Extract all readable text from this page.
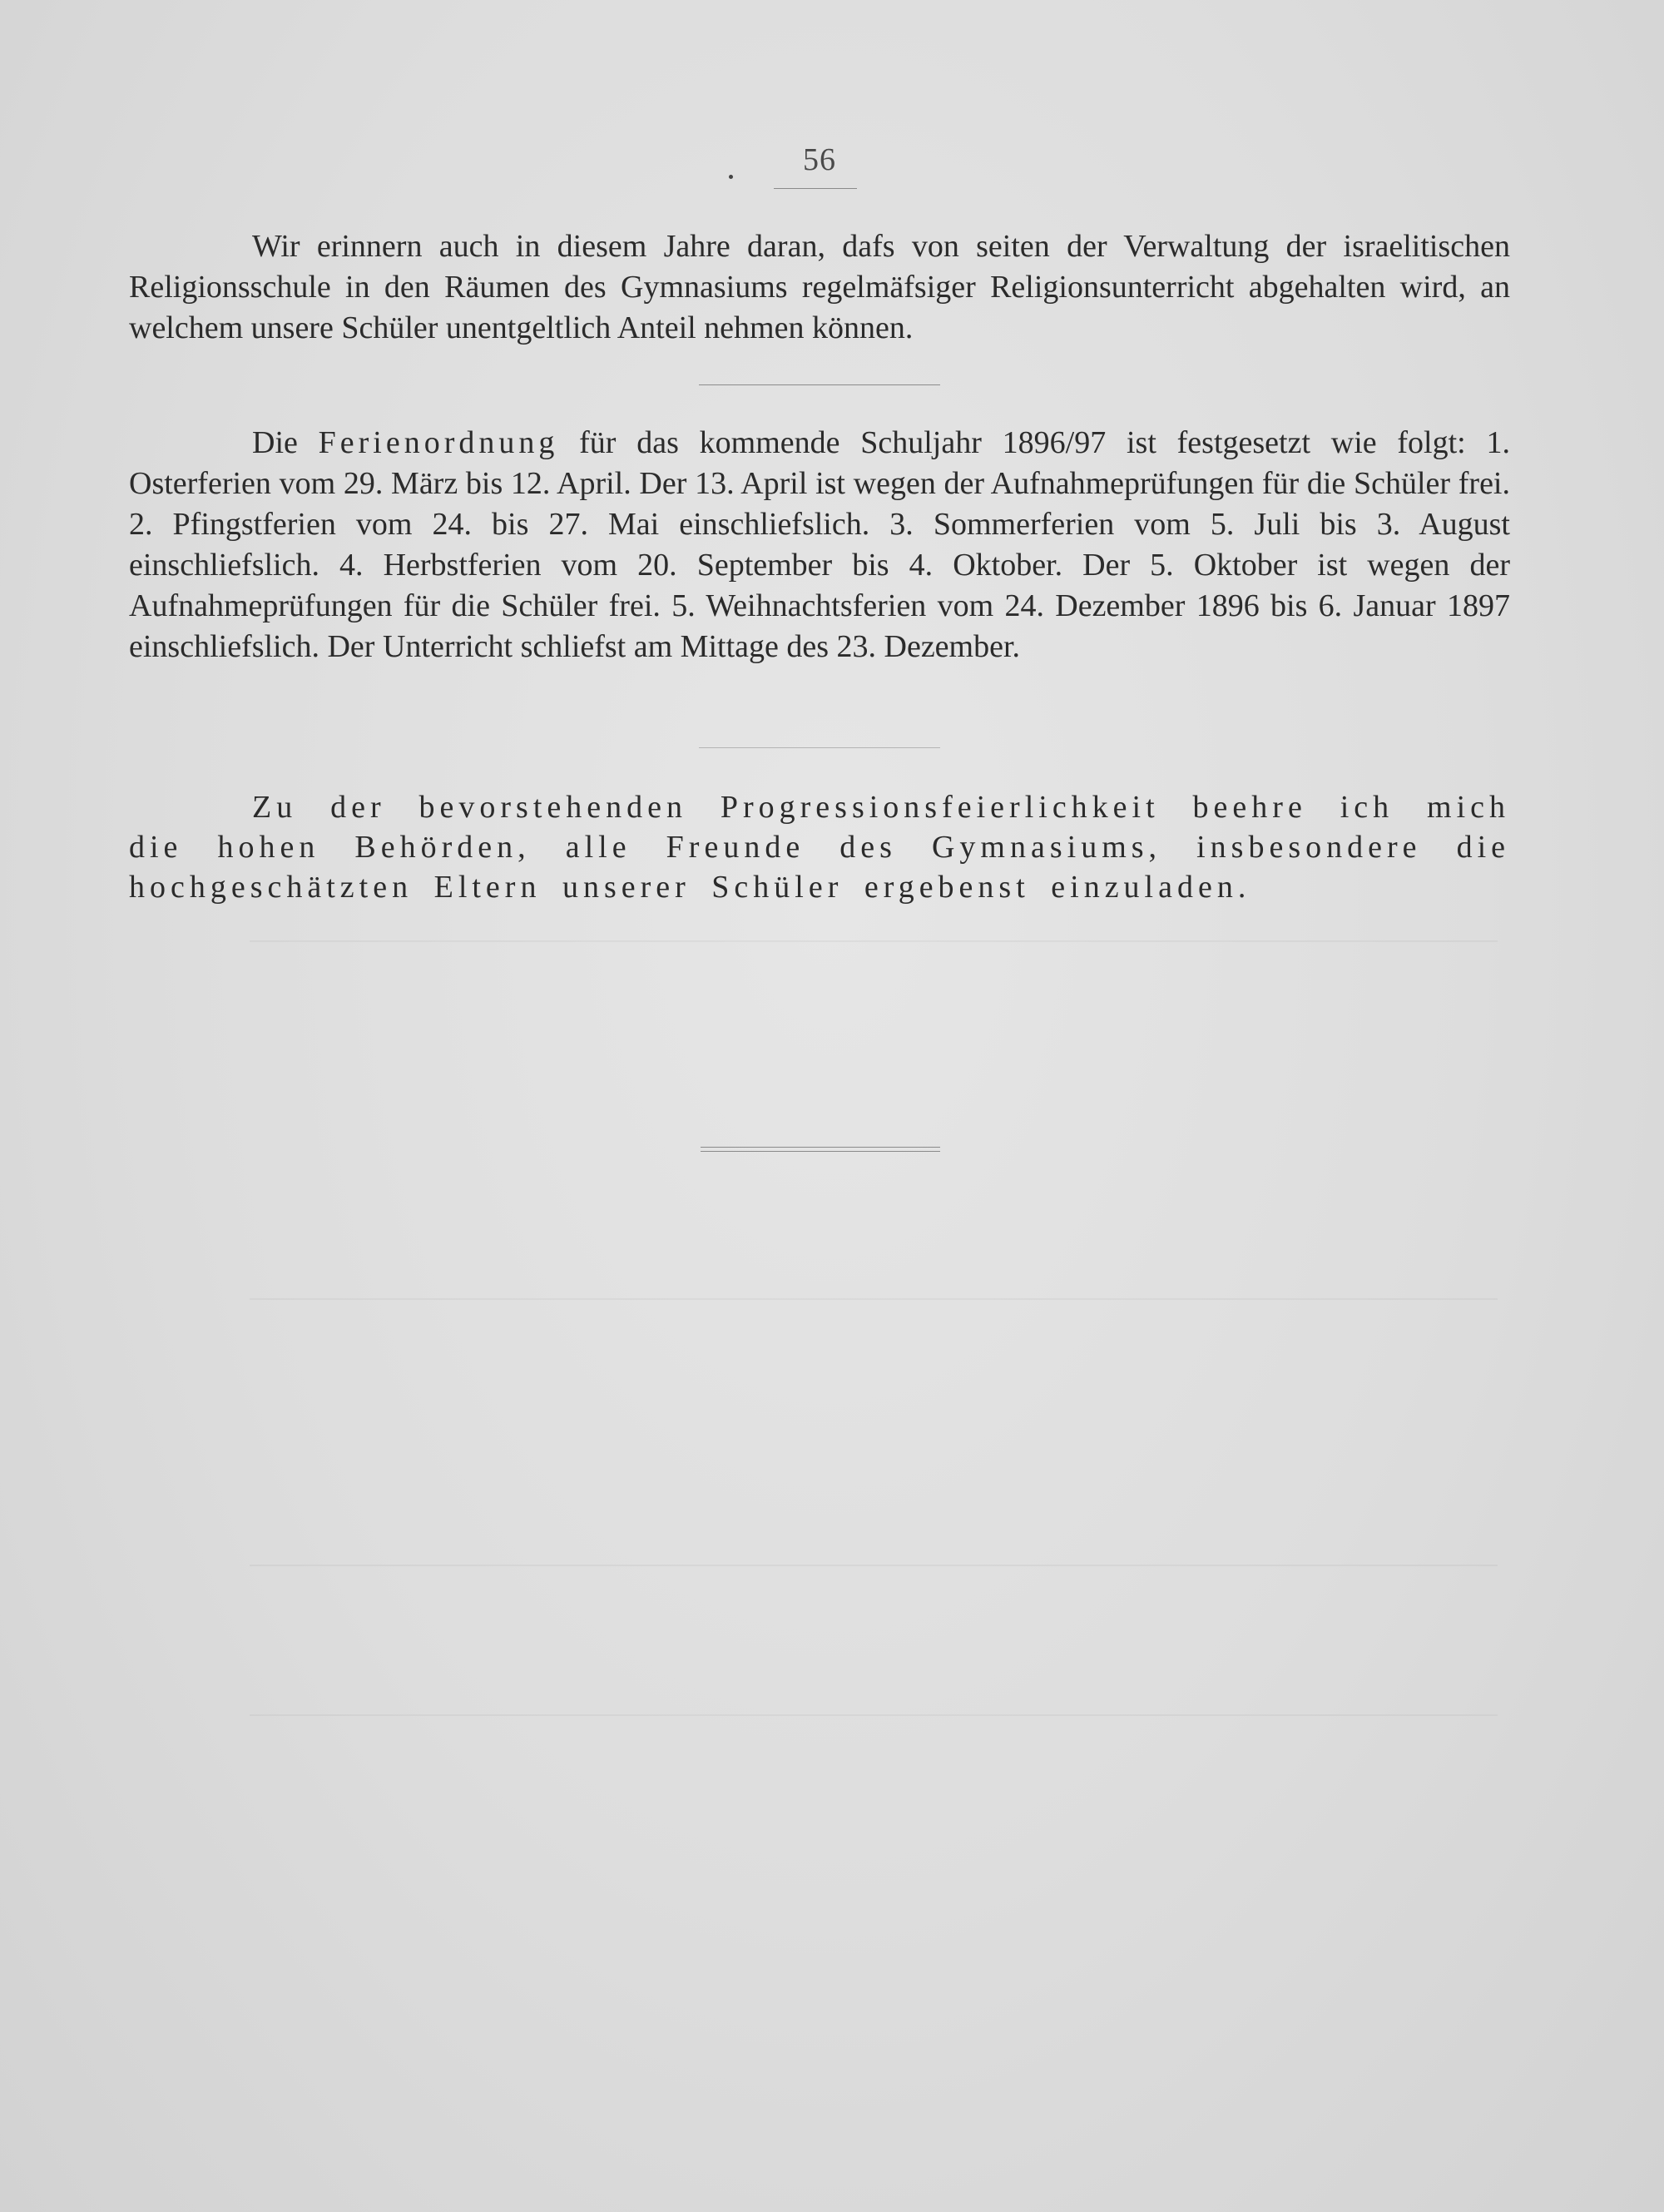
56

Wir erinnern auch in diesem Jahre daran, dafs von seiten der Verwaltung der israelitischen Religionsschule in den Räumen des Gymnasiums regelmäfsiger Religionsunterricht abgehalten wird, an welchem unsere Schüler unentgeltlich Anteil nehmen können.

Die Ferienordnung für das kommende Schuljahr 1896/97 ist festgesetzt wie folgt: 1. Osterferien vom 29. März bis 12. April. Der 13. April ist wegen der Aufnahmeprüfungen für die Schüler frei. 2. Pfingstferien vom 24. bis 27. Mai einschliefslich. 3. Sommerferien vom 5. Juli bis 3. August einschliefslich. 4. Herbstferien vom 20. September bis 4. Oktober. Der 5. Oktober ist wegen der Aufnahmeprüfungen für die Schüler frei. 5. Weihnachtsferien vom 24. Dezember 1896 bis 6. Januar 1897 einschliefslich. Der Unterricht schliefst am Mittage des 23. Dezember.

Zu der bevorstehenden Progressionsfeierlichkeit beehre ich mich die hohen Behörden, alle Freunde des Gymnasiums, insbesondere die hochgeschätzten Eltern unserer Schüler ergebenst einzuladen.
